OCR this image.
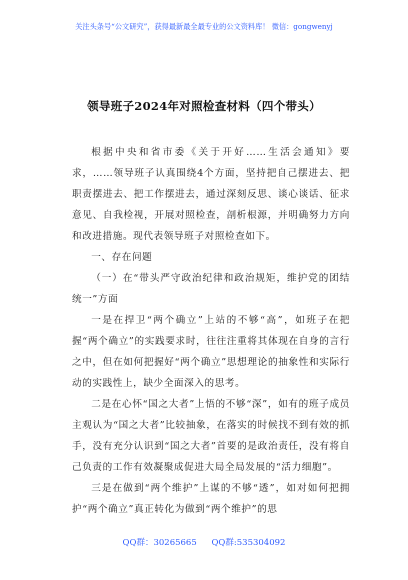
关注头条号“公文研究”，获得最新最全最专业的公文资料库！ 微信：gongwenyj
领导班子2024年对照检查材料（四个带头）

根据中央和省市委《关于开好……生活会通知》要求，……领导班子认真围绕4个方面，坚持把自己摆进去、把职责摆进去、把工作摆进去，通过深刻反思、谈心谈话、征求意见、自我检视，开展对照检查，剖析根源，并明确努力方向和改进措施。现代表领导班子对照检查如下。

一、存在问题

（一）在“带头严守政治纪律和政治规矩，维护党的团结统一”方面

一是在捍卫“两个确立”上站的不够“高”，如班子在把握“两个确立”的实践要求时，往往注重将其体现在自身的言行之中，但在如何把握好“两个确立”思想理论的抽象性和实际行动的实践性上，缺少全面深入的思考。

二是在心怀“国之大者”上悟的不够“深”，如有的班子成员主观认为“国之大者”比较抽象，在落实的时候找不到有效的抓手，没有充分认识到“国之大者”首要的是政治责任，没有将自己负责的工作有效凝聚成促进大局全局发展的“活力细胞”。

三是在做到“两个维护”上谋的不够“透”，如对如何把拥护“两个确立”真正转化为做到“两个维护”的思

QQ群：30265665 QQ群:535304092
